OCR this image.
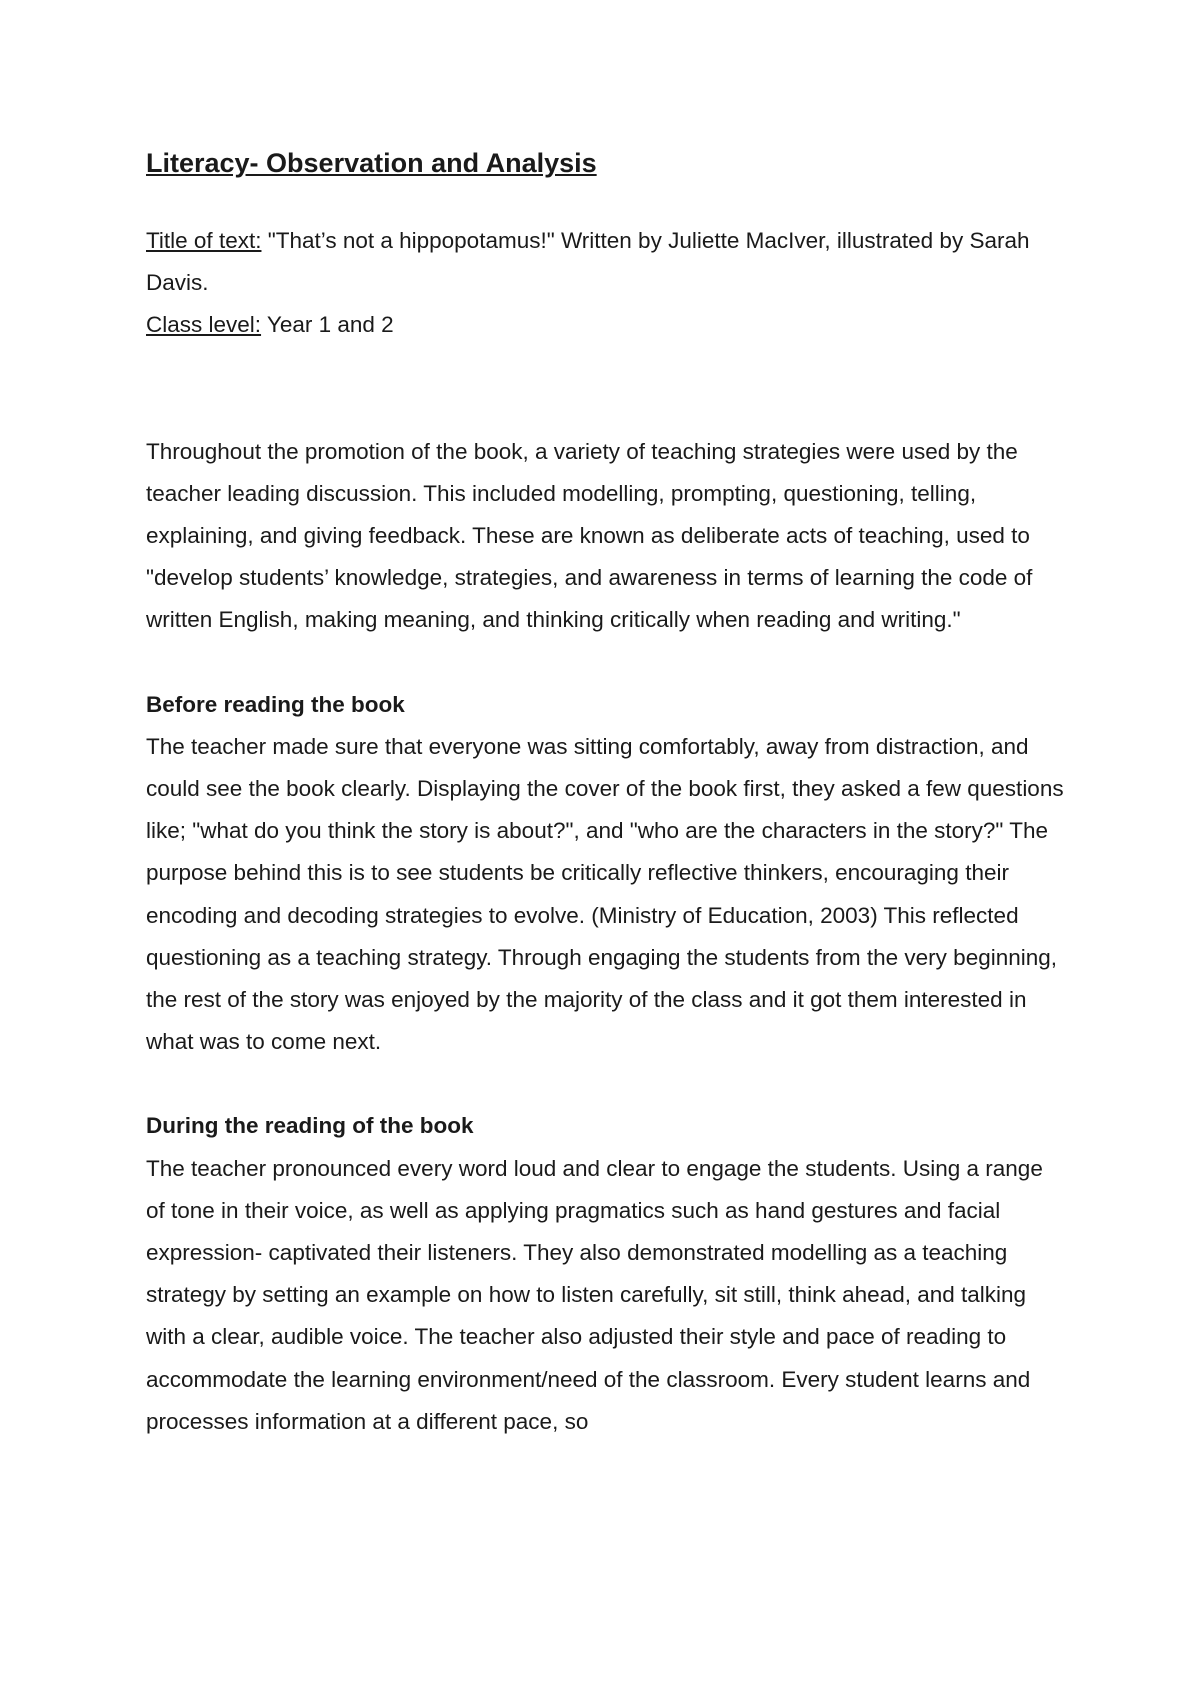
Literacy- Observation and Analysis

Title of text: "That’s not a hippopotamus!" Written by Juliette MacIver, illustrated by Sarah Davis.

Class level: Year 1 and 2

Throughout the promotion of the book, a variety of teaching strategies were used by the teacher leading discussion. This included modelling, prompting, questioning, telling, explaining, and giving feedback. These are known as deliberate acts of teaching, used to "develop students’ knowledge, strategies, and awareness in terms of learning the code of written English, making meaning, and thinking critically when reading and writing."

Before reading the book

The teacher made sure that everyone was sitting comfortably, away from distraction, and could see the book clearly. Displaying the cover of the book first, they asked a few questions like; "what do you think the story is about?", and "who are the characters in the story?" The purpose behind this is to see students be critically reflective thinkers, encouraging their encoding and decoding strategies to evolve. (Ministry of Education, 2003) This reflected questioning as a teaching strategy. Through engaging the students from the very beginning, the rest of the story was enjoyed by the majority of the class and it got them interested in what was to come next.

During the reading of the book

The teacher pronounced every word loud and clear to engage the students. Using a range of tone in their voice, as well as applying pragmatics such as hand gestures and facial expression- captivated their listeners. They also demonstrated modelling as a teaching strategy by setting an example on how to listen carefully, sit still, think ahead, and talking with a clear, audible voice. The teacher also adjusted their style and pace of reading to accommodate the learning environment/need of the classroom. Every student learns and processes information at a different pace, so
